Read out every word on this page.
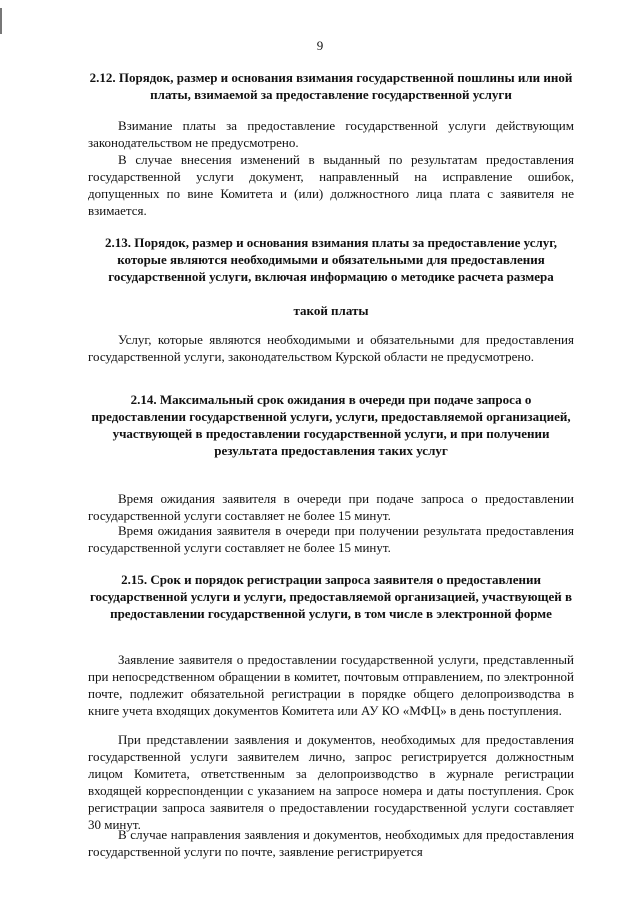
9

2.12. Порядок, размер и основания взимания государственной пошлины или иной платы, взимаемой за предоставление государственной услуги

Взимание платы за предоставление государственной услуги действующим законодательством не предусмотрено.

В случае внесения изменений в выданный по результатам предоставления государственной услуги документ, направленный на исправление ошибок, допущенных по вине Комитета и (или) должностного лица плата с заявителя не взимается.

2.13. Порядок, размер и основания взимания платы за предоставление услуг, которые являются необходимыми и обязательными для предоставления государственной услуги, включая информацию о методике расчета размера

такой платы

Услуг, которые являются необходимыми и обязательными для предоставления государственной услуги, законодательством Курской области не предусмотрено.

2.14. Максимальный срок ожидания в очереди при подаче запроса о предоставлении государственной услуги, услуги, предоставляемой организацией, участвующей в предоставлении государственной услуги, и при получении результата предоставления таких услуг

Время ожидания заявителя в очереди при подаче запроса о предоставлении государственной услуги составляет не более 15 минут.

Время ожидания заявителя в очереди при получении результата предоставления государственной услуги составляет не более 15 минут.

2.15. Срок и порядок регистрации запроса заявителя о предоставлении государственной услуги и услуги, предоставляемой организацией, участвующей в предоставлении государственной услуги, в том числе в электронной форме

Заявление заявителя о предоставлении государственной услуги, представленный при непосредственном обращении в комитет, почтовым отправлением, по электронной почте, подлежит обязательной регистрации в порядке общего делопроизводства в книге учета входящих документов Комитета или АУ КО «МФЦ» в день поступления.

При представлении заявления и документов, необходимых для предоставления государственной услуги заявителем лично, запрос регистрируется должностным лицом Комитета, ответственным за делопроизводство в журнале регистрации входящей корреспонденции с указанием на запросе номера и даты поступления. Срок регистрации запроса заявителя о предоставлении государственной услуги составляет 30 минут.

В случае направления заявления и документов, необходимых для предоставления государственной услуги по почте, заявление регистрируется
